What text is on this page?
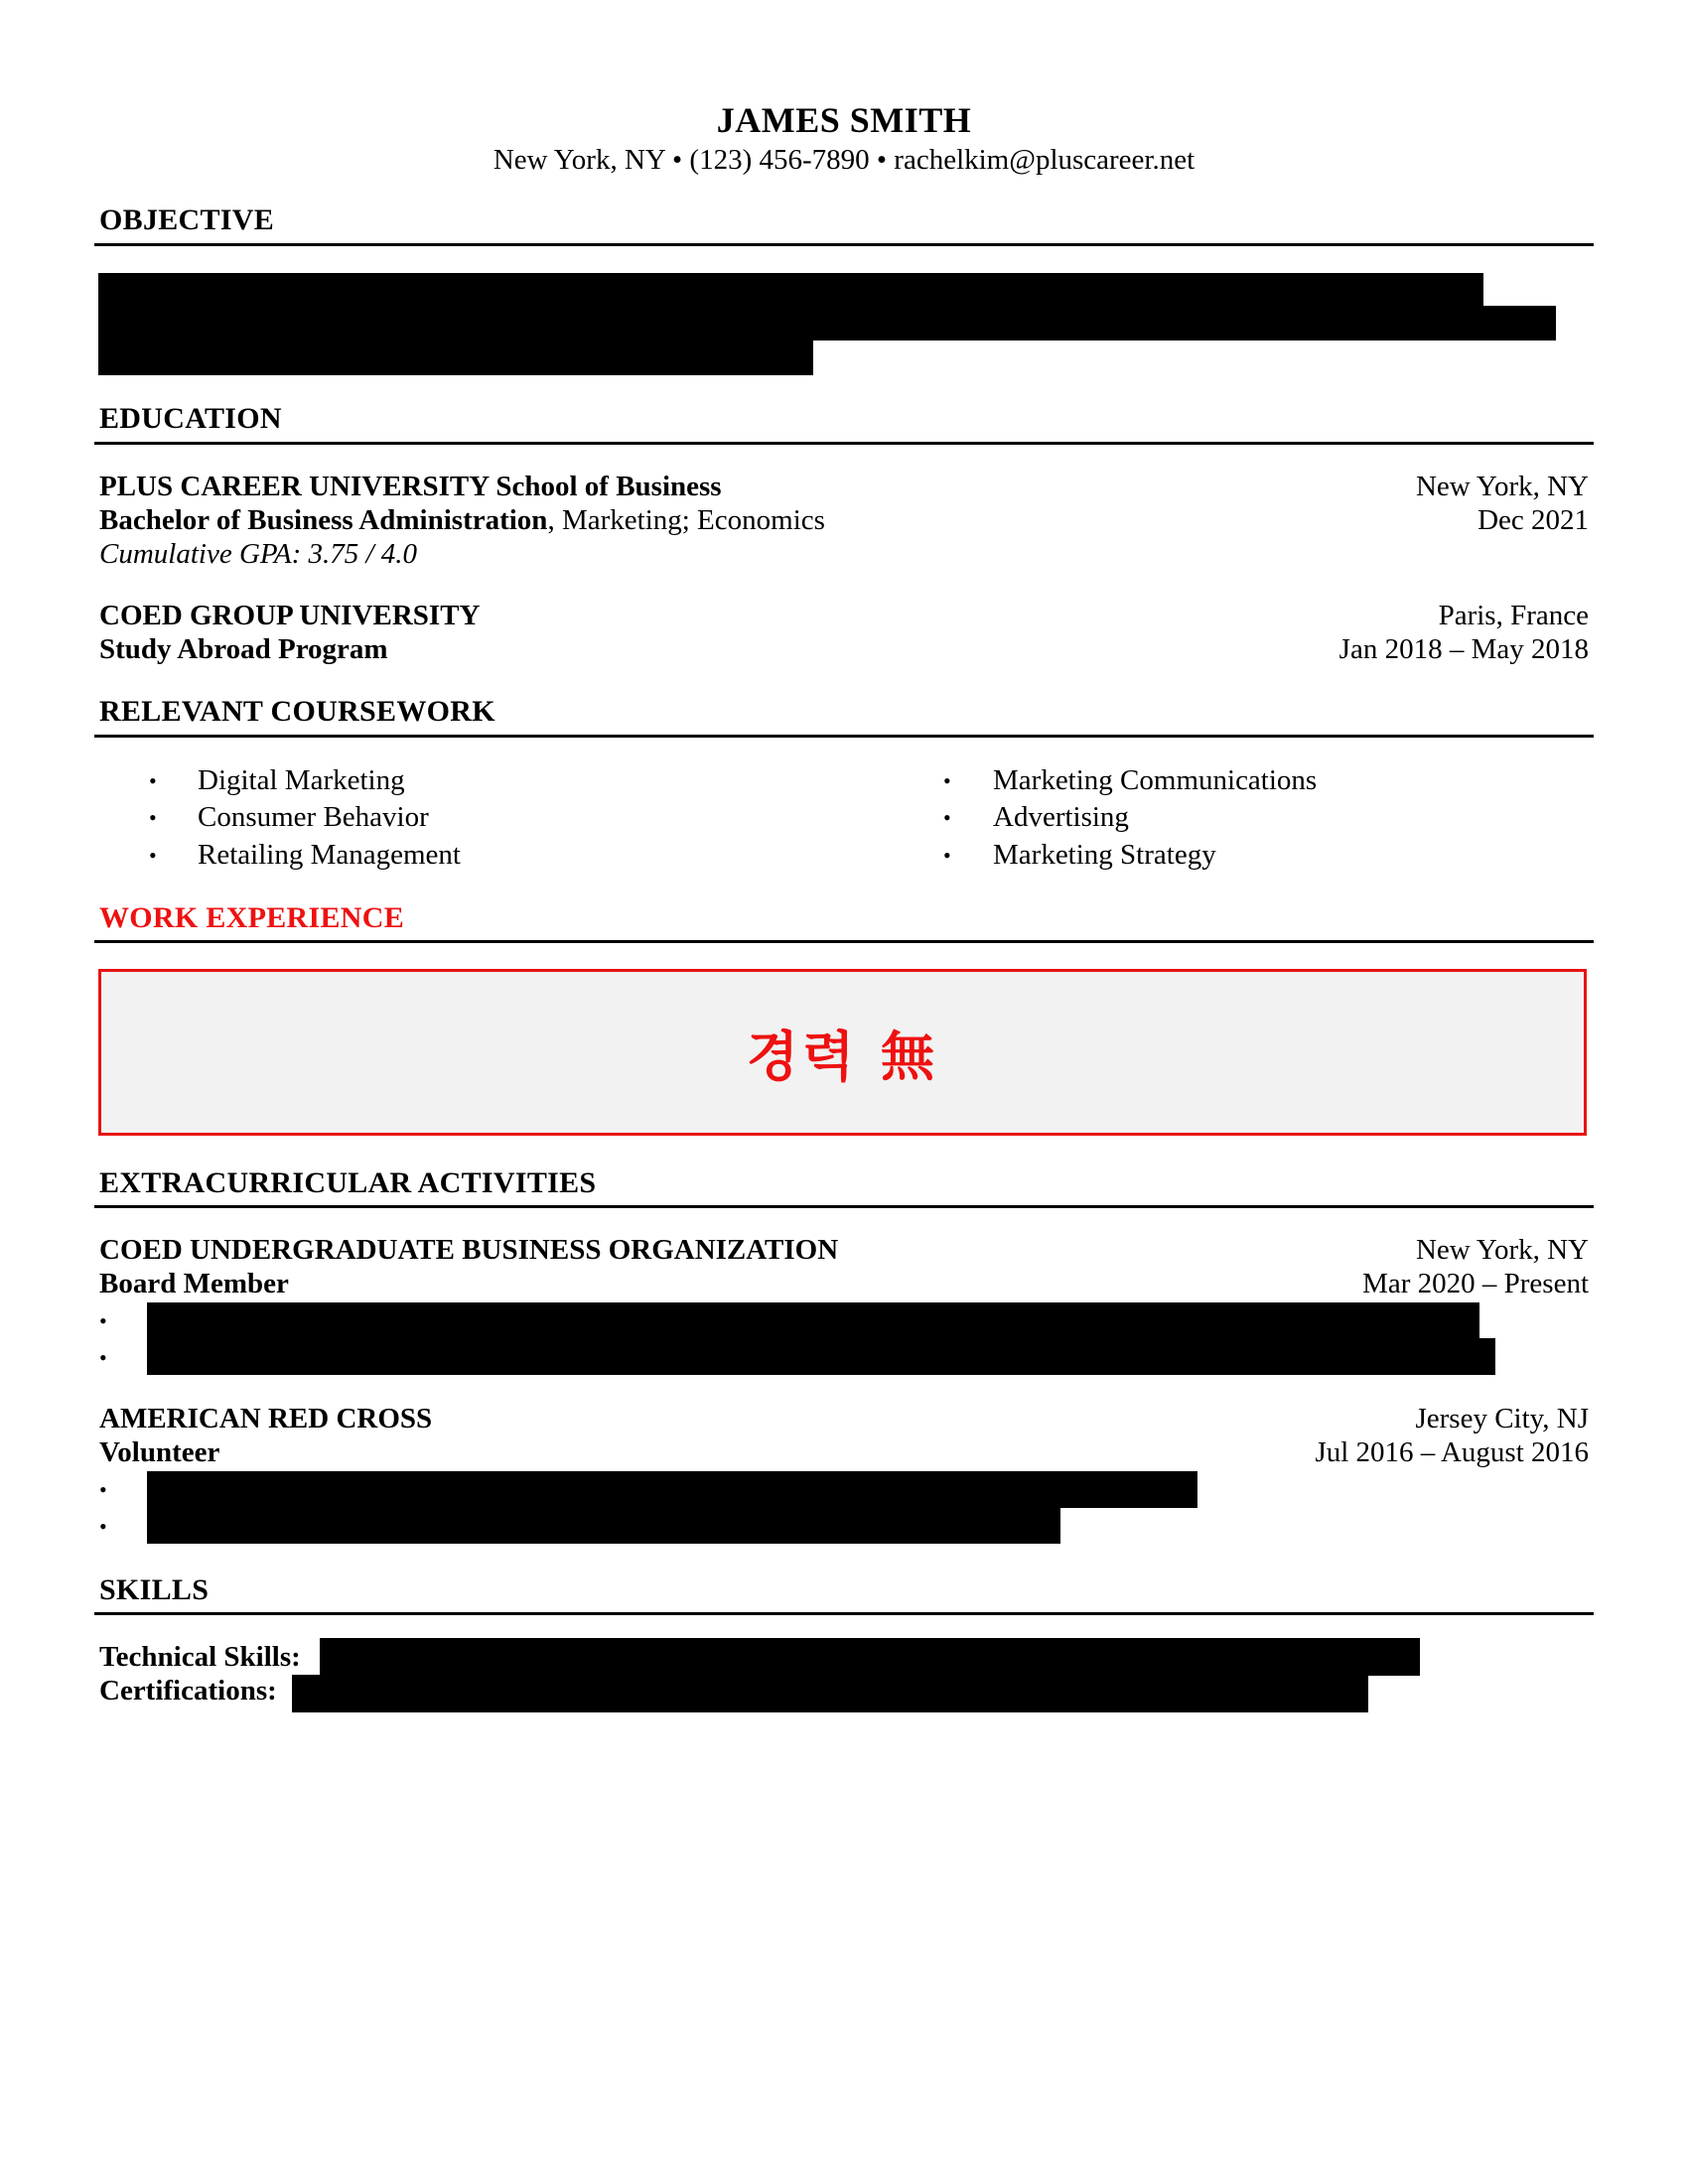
JAMES SMITH
New York, NY • (123) 456-7890 • rachelkim@pluscareer.net
OBJECTIVE
EDUCATION
PLUS CAREER UNIVERSITY School of Business	New York, NY
Bachelor of Business Administration, Marketing; Economics	Dec 2021
Cumulative GPA: 3.75 / 4.0
COED GROUP UNIVERSITY	Paris, France
Study Abroad Program	Jan 2018 – May 2018
RELEVANT COURSEWORK
• Digital Marketing
• Consumer Behavior
• Retailing Management
• Marketing Communications
• Advertising
• Marketing Strategy
WORK EXPERIENCE
경력 無
EXTRACURRICULAR ACTIVITIES
COED UNDERGRADUATE BUSINESS ORGANIZATION	New York, NY
Board Member	Mar 2020 – Present
•
•
AMERICAN RED CROSS	Jersey City, NJ
Volunteer	Jul 2016 – August 2016
•
•
SKILLS
Technical Skills:
Certifications:
